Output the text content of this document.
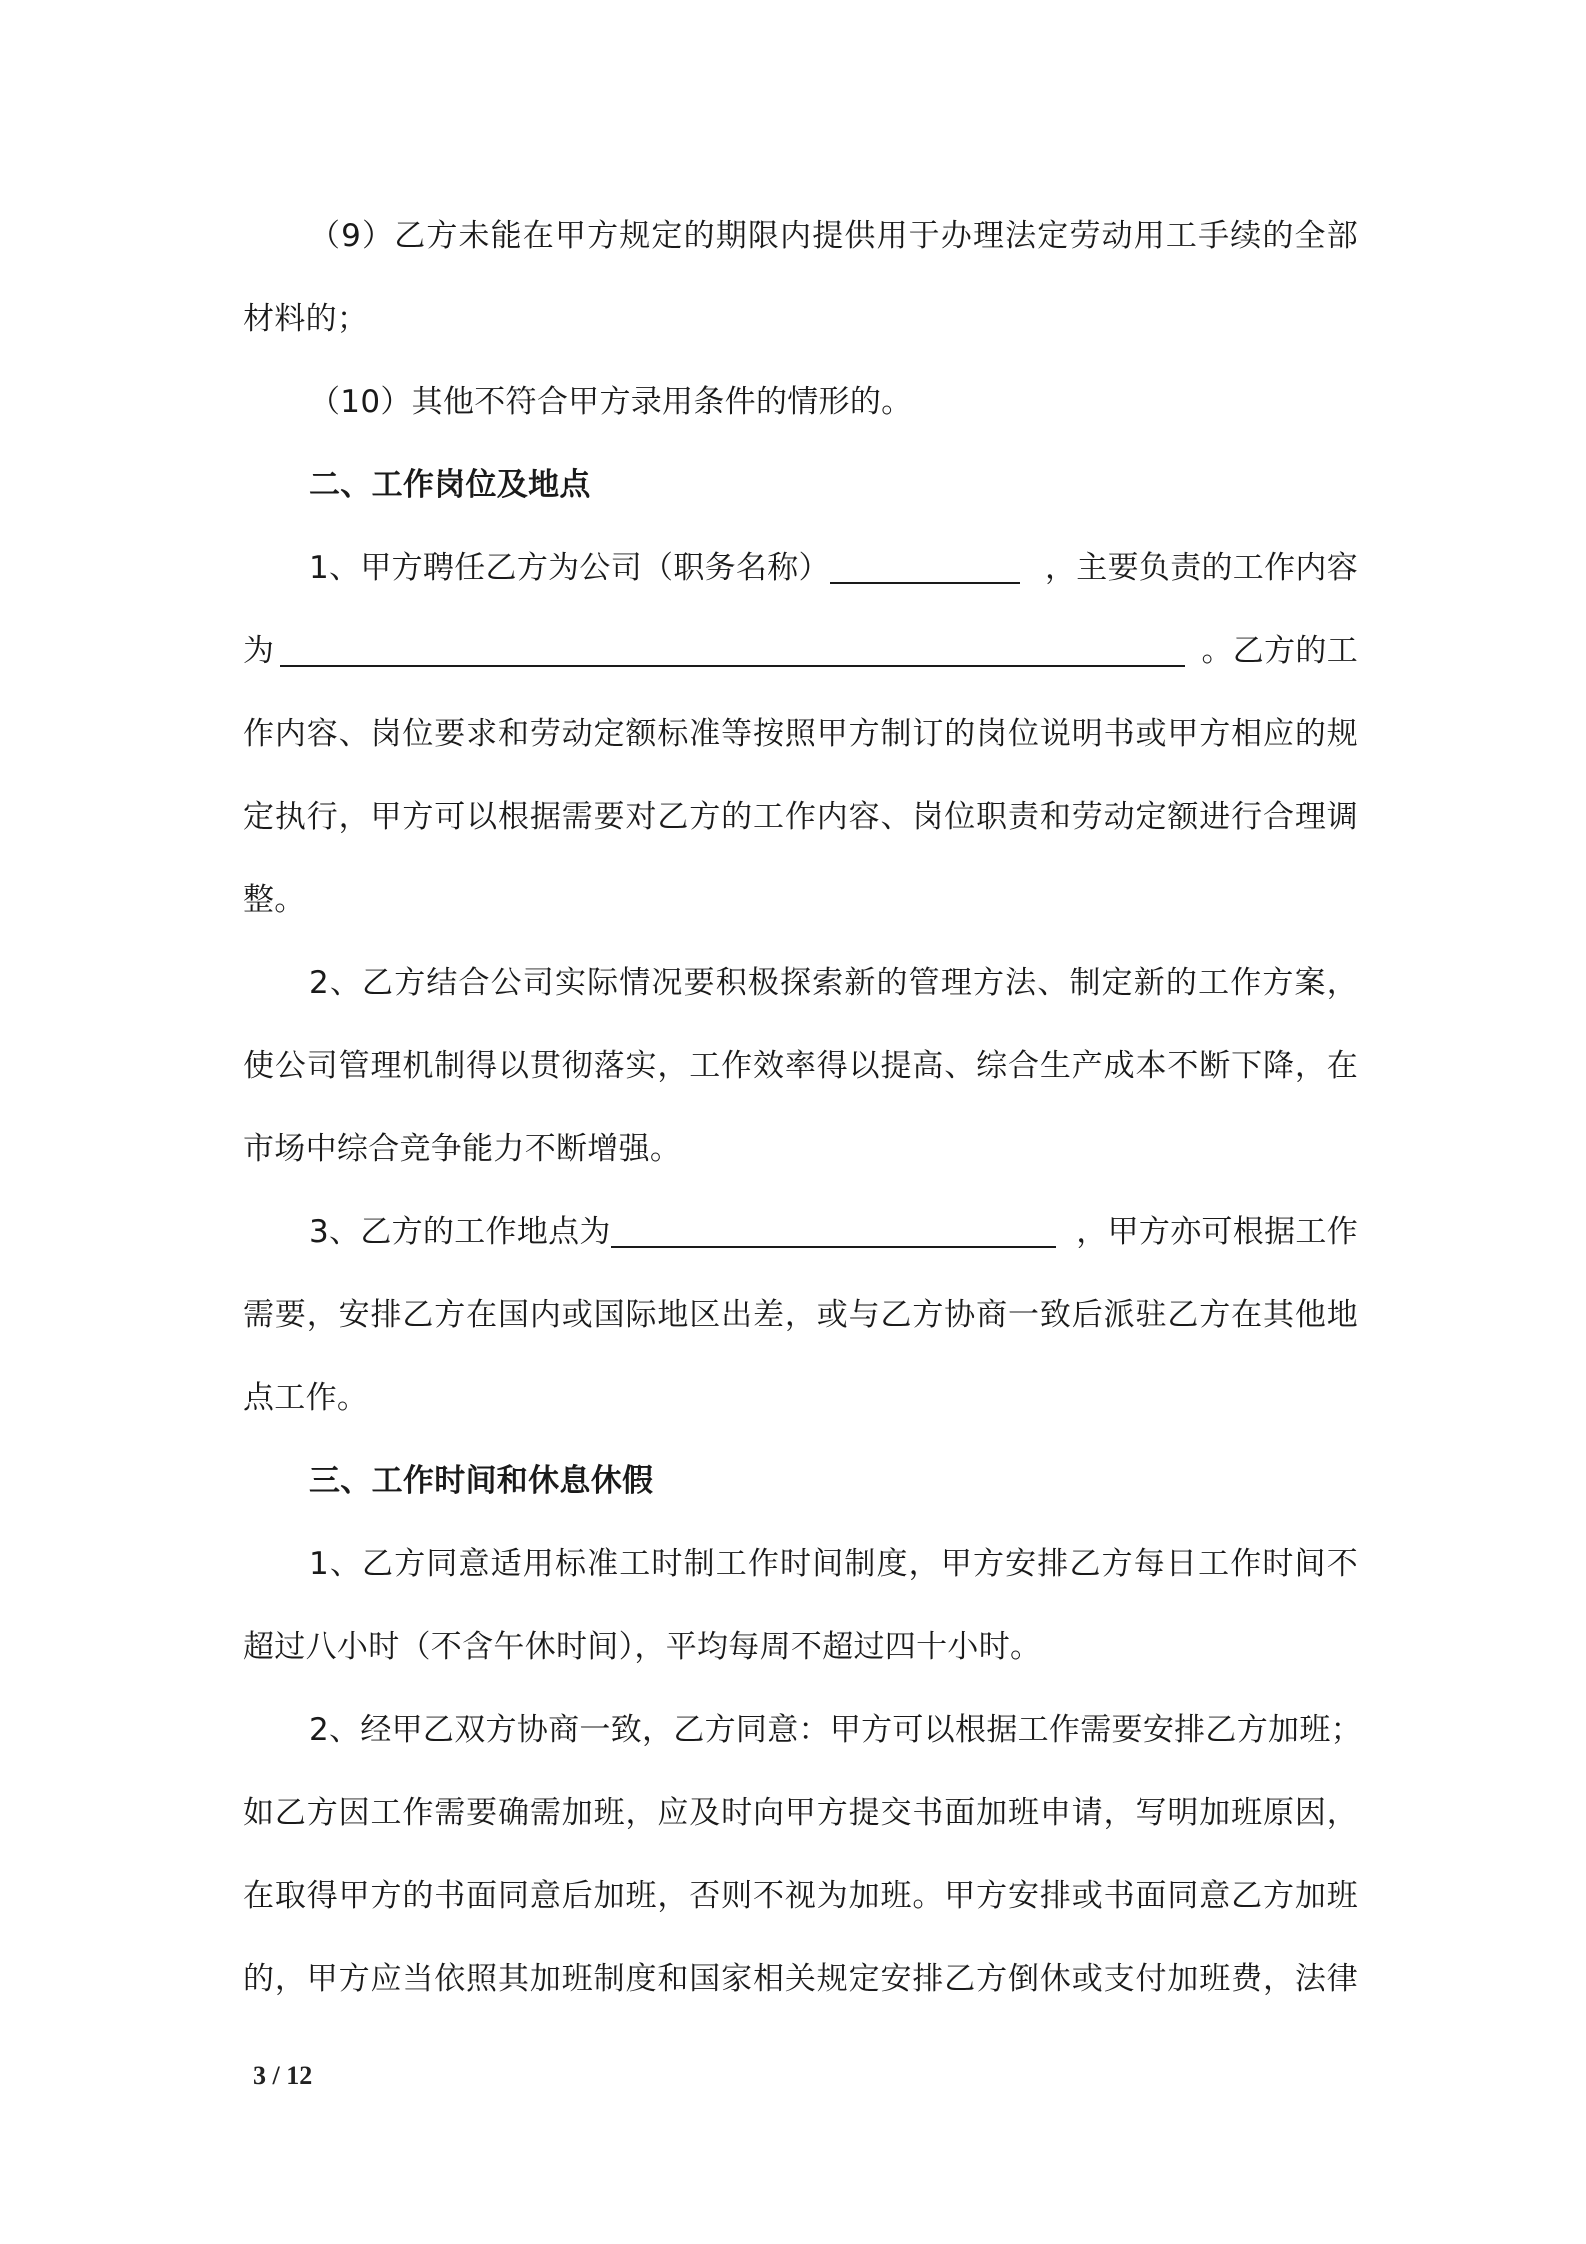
（9）乙方未能在甲方规定的期限内提供用于办理法定劳动用工手续的全部
材料的；
（10）其他不符合甲方录用条件的情形的。
二、工作岗位及地点
1、甲方聘任乙方为公司（职务名称）	，主要负责的工作内容
为	。乙方的工
作内容、岗位要求和劳动定额标准等按照甲方制订的岗位说明书或甲方相应的规
定执行，甲方可以根据需要对乙方的工作内容、岗位职责和劳动定额进行合理调
整。
2、乙方结合公司实际情况要积极探索新的管理方法、制定新的工作方案，
使公司管理机制得以贯彻落实，工作效率得以提高、综合生产成本不断下降，在
市场中综合竞争能力不断增强。
3、乙方的工作地点为	，甲方亦可根据工作
需要，安排乙方在国内或国际地区出差，或与乙方协商一致后派驻乙方在其他地
点工作。
三、工作时间和休息休假
1、乙方同意适用标准工时制工作时间制度，甲方安排乙方每日工作时间不
超过八小时（不含午休时间），平均每周不超过四十小时。
2、经甲乙双方协商一致，乙方同意：甲方可以根据工作需要安排乙方加班；
如乙方因工作需要确需加班，应及时向甲方提交书面加班申请，写明加班原因，
在取得甲方的书面同意后加班，否则不视为加班。甲方安排或书面同意乙方加班
的，甲方应当依照其加班制度和国家相关规定安排乙方倒休或支付加班费，法律
3 / 12
